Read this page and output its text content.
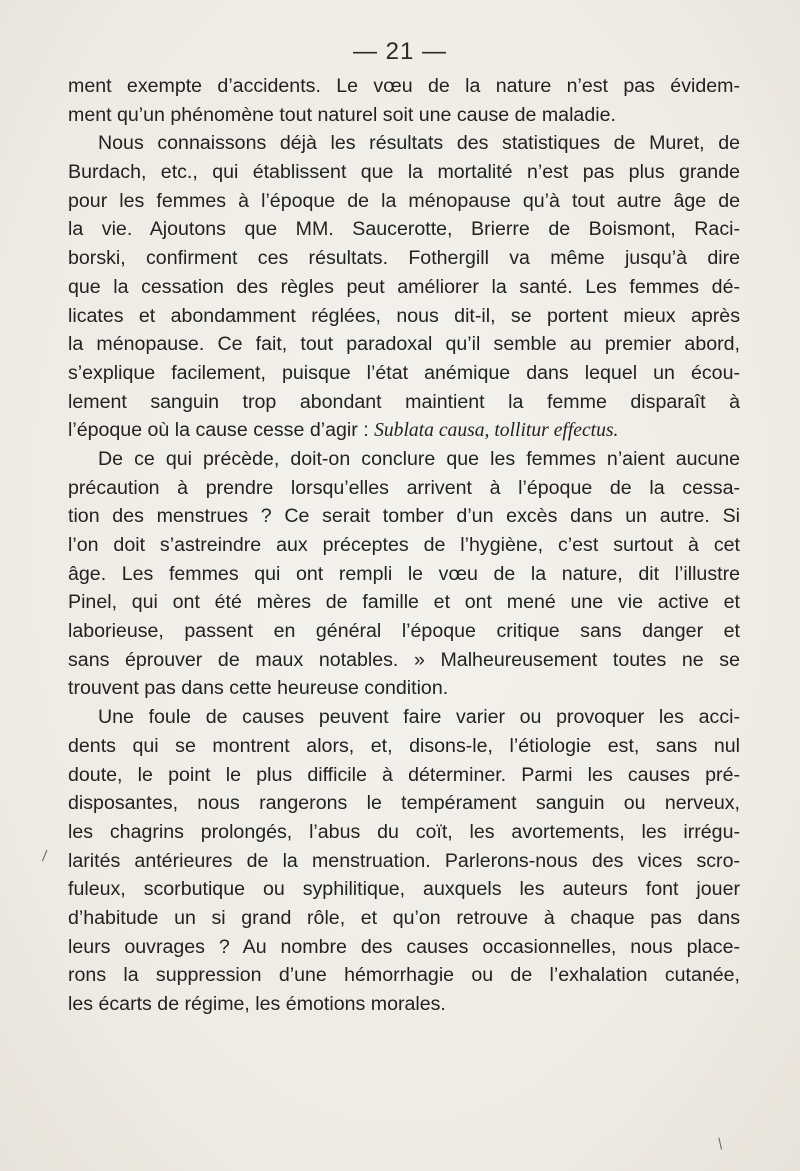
— 21 —
ment exempte d’accidents. Le vœu de la nature n’est pas évidem-
ment qu’un phénomène tout naturel soit une cause de maladie.
Nous connaissons déjà les résultats des statistiques de Muret, de
Burdach, etc., qui établissent que la mortalité n’est pas plus grande
pour les femmes à l’époque de la ménopause qu’à tout autre âge de
la vie. Ajoutons que MM. Saucerotte, Brierre de Boismont, Raci-
borski, confirment ces résultats. Fothergill va même jusqu’à dire
que la cessation des règles peut améliorer la santé. Les femmes dé-
licates et abondamment réglées, nous dit-il, se portent mieux après
la ménopause. Ce fait, tout paradoxal qu’il semble au premier abord,
s’explique facilement, puisque l’état anémique dans lequel un écou-
lement sanguin trop abondant maintient la femme disparaît à
l’époque où la cause cesse d’agir : Sublata causa, tollitur effectus.
De ce qui précède, doit-on conclure que les femmes n’aient aucune
précaution à prendre lorsqu’elles arrivent à l’époque de la cessa-
tion des menstrues ? Ce serait tomber d’un excès dans un autre. Si
l’on doit s’astreindre aux préceptes de l’hygiène, c’est surtout à cet
âge. Les femmes qui ont rempli le vœu de la nature, dit l’illustre
Pinel, qui ont été mères de famille et ont mené une vie active et
laborieuse, passent en général l’époque critique sans danger et
sans éprouver de maux notables. » Malheureusement toutes ne se
trouvent pas dans cette heureuse condition.
Une foule de causes peuvent faire varier ou provoquer les acci-
dents qui se montrent alors, et, disons-le, l’étiologie est, sans nul
doute, le point le plus difficile à déterminer. Parmi les causes pré-
disposantes, nous rangerons le tempérament sanguin ou nerveux,
les chagrins prolongés, l’abus du coït, les avortements, les irrégu-
larités antérieures de la menstruation. Parlerons-nous des vices scro-
fuleux, scorbutique ou syphilitique, auxquels les auteurs font jouer
d’habitude un si grand rôle, et qu’on retrouve à chaque pas dans
leurs ouvrages ? Au nombre des causes occasionnelles, nous place-
rons la suppression d’une hémorrhagie ou de l’exhalation cutanée,
les écarts de régime, les émotions morales.
\
/
